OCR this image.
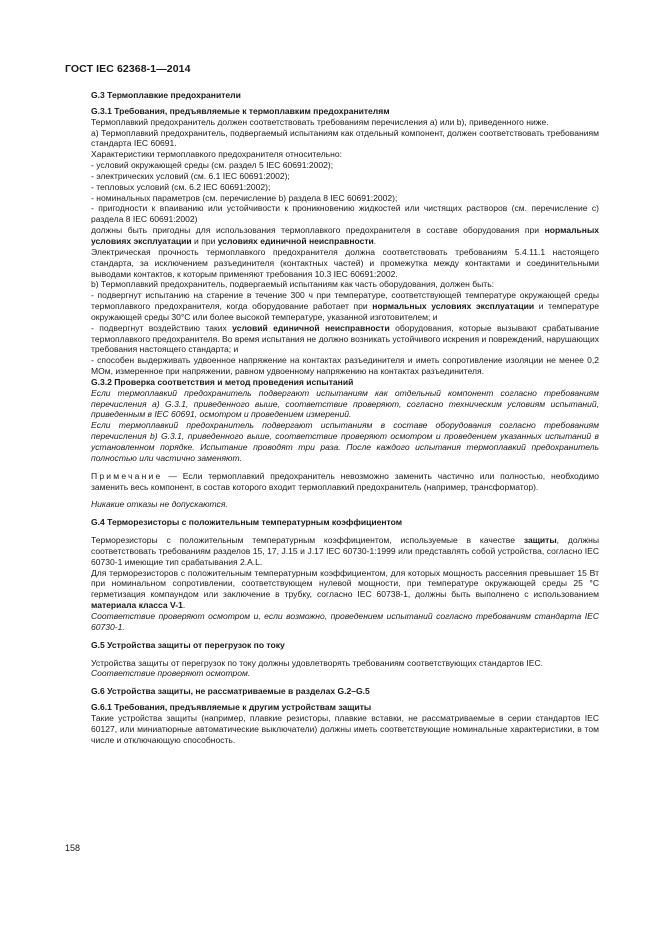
ГОСТ IEC 62368-1—2014

G.3 Термоплавкие предохранители

G.3.1 Требования, предъявляемые к термоплавким предохранителям

Термоплавкий предохранитель должен соответствовать требованиям перечисления а) или b), приведенного ниже.

а) Термоплавкий предохранитель, подвергаемый испытаниям как отдельный компонент, должен соответствовать требованиям стандарта IEC 60691.

Характеристики термоплавкого предохранителя относительно:

- условий окружающей среды (см. раздел 5 IEC 60691:2002);

- электрических условий (см. 6.1 IEC 60691:2002);

- тепловых условий (см. 6.2 IEC 60691:2002);

- номинальных параметров (см. перечисление b) раздела 8 IEC 60691:2002);

- пригодности к впаиванию или устойчивости к проникновению жидкостей или чистящих растворов (см. перечисление с) раздела 8 IEC 60691:2002)

должны быть пригодны для использования термоплавкого предохранителя в составе оборудования при нормальных условиях эксплуатации и при условиях единичной неисправности.

Электрическая прочность термоплавкого предохранителя должна соответствовать требованиям 5.4.11.1 настоящего стандарта, за исключением разъединителя (контактных частей) и промежутка между контактами и соединительными выводами контактов, к которым применяют требования 10.3 IEC 60691:2002.

b) Термоплавкий предохранитель, подвергаемый испытаниям как часть оборудования, должен быть:

- подвергнут испытанию на старение в течение 300 ч при температуре, соответствующей температуре окружающей среды термоплавкого предохранителя, когда оборудование работает при нормальных условиях эксплуатации и температуре окружающей среды 30°С или более высокой температуре, указанной изготовителем; и

- подвергнут воздействию таких условий единичной неисправности оборудования, которые вызывают срабатывание термоплавкого предохранителя. Во время испытания не должно возникать устойчивого искрения и повреждений, нарушающих требования настоящего стандарта; и

- способен выдерживать удвоенное напряжение на контактах разъединителя и иметь сопротивление изоляции не менее 0,2 МОм, измеренное при напряжении, равном удвоенному напряжению на контактах разъединителя.

G.3.2 Проверка соответствия и метод проведения испытаний

Если термоплавкий предохранитель подвергают испытаниям как отдельный компонент согласно требованиям перечисления а) G.3.1, приведенного выше, соответствие проверяют, согласно техническим условиям испытаний, приведенным в IEC 60691, осмотром и проведением измерений.

Если термоплавкий предохранитель подвергают испытаниям в составе оборудования согласно требованиям перечисления b) G.3.1, приведенного выше, соответствие проверяют осмотром и проведением указанных испытаний в установленном порядке. Испытание проводят три раза. После каждого испытания термоплавкий предохранитель полностью или частично заменяют.

Примечание — Если термоплавкий предохранитель невозможно заменить частично или полностью, необходимо заменить весь компонент, в состав которого входит термоплавкий предохранитель (например, трансформатор).

Никакие отказы не допускаются.

G.4 Терморезисторы с положительным температурным коэффициентом

Терморезисторы с положительным температурным коэффициентом, используемые в качестве защиты, должны соответствовать требованиям разделов 15, 17, J.15 и J.17 IEC 60730-1:1999 или представлять собой устройства, согласно IEC 60730-1 имеющие тип срабатывания 2.A.L.

Для терморезисторов с положительным температурным коэффициентом, для которых мощность рассеяния превышает 15 Вт при номинальном сопротивлении, соответствующем нулевой мощности, при температуре окружающей среды 25 °С герметизация компаундом или заключение в трубку, согласно IEC 60738-1, должны быть выполнено с использованием материала класса V-1.

Соответствие проверяют осмотром и, если возможно, проведением испытаний согласно требованиям стандарта IEC 60730-1.

G.5 Устройства защиты от перегрузок по току

Устройства защиты от перегрузок по току должны удовлетворять требованиям соответствующих стандартов IEC.

Соответствие проверяют осмотром.

G.6 Устройства защиты, не рассматриваемые в разделах G.2–G.5

G.6.1 Требования, предъявляемые к другим устройствам защиты

Такие устройства защиты (например, плавкие резисторы, плавкие вставки, не рассматриваемые в серии стандартов IEC 60127, или миниатюрные автоматические выключатели) должны иметь соответствующие номинальные характеристики, в том числе и отключающую способность.

158
